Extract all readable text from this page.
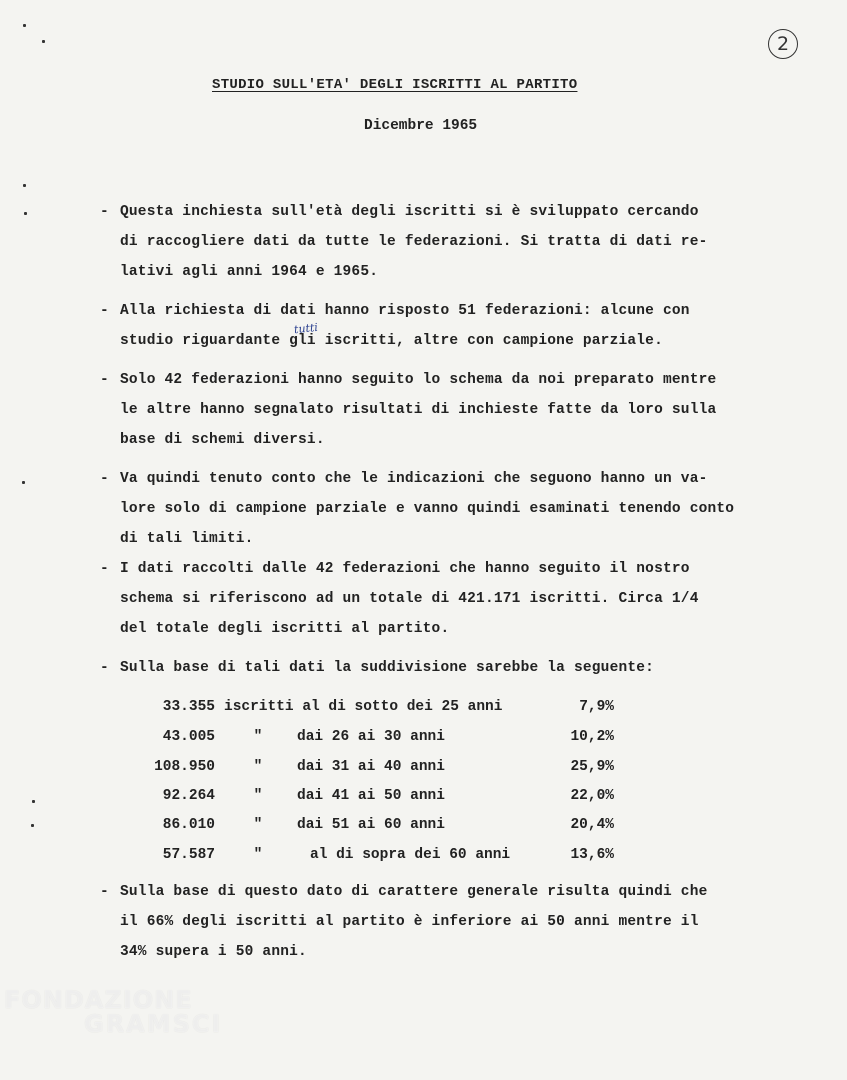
2
STUDIO SULL'ETA' DEGLI ISCRITTI AL PARTITO
Dicembre 1965
- Questa inchiesta sull'età degli iscritti si è sviluppato cercando
di raccogliere dati da tutte le federazioni. Si tratta di dati re-
lativi agli anni 1964 e 1965.
- Alla richiesta di dati hanno risposto 51 federazioni: alcune con
studio riguardante gli iscritti, altre con campione parziale.
tutti
- Solo 42 federazioni hanno seguito lo schema da noi preparato mentre
le altre hanno segnalato risultati di inchieste fatte da loro sulla
base di schemi diversi.
- Va quindi tenuto conto che le indicazioni che seguono hanno un va-
lore solo di campione parziale e vanno quindi esaminati tenendo conto
di tali limiti.
- I dati raccolti dalle 42 federazioni che hanno seguito il nostro
schema si riferiscono ad un totale di 421.171 iscritti. Circa 1/4
del totale degli iscritti al partito.
- Sulla base di tali dati la suddivisione sarebbe la seguente:
33.355 iscritti al di sotto dei 25 anni	7,9%
43.005	" dai 26 ai 30 anni	10,2%
108.950	" dai 31 ai 40 anni	25,9%
92.264	" dai 41 ai 50 anni	22,0%
86.010	" dai 51 ai 60 anni	20,4%
57.587	"	al di sopra dei 60 anni	13,6%
- Sulla base di questo dato di carattere generale risulta quindi che
il 66% degli iscritti al partito è inferiore ai 50 anni mentre il
34% supera i 50 anni.
FONDAZIONE
GRAMSCI
